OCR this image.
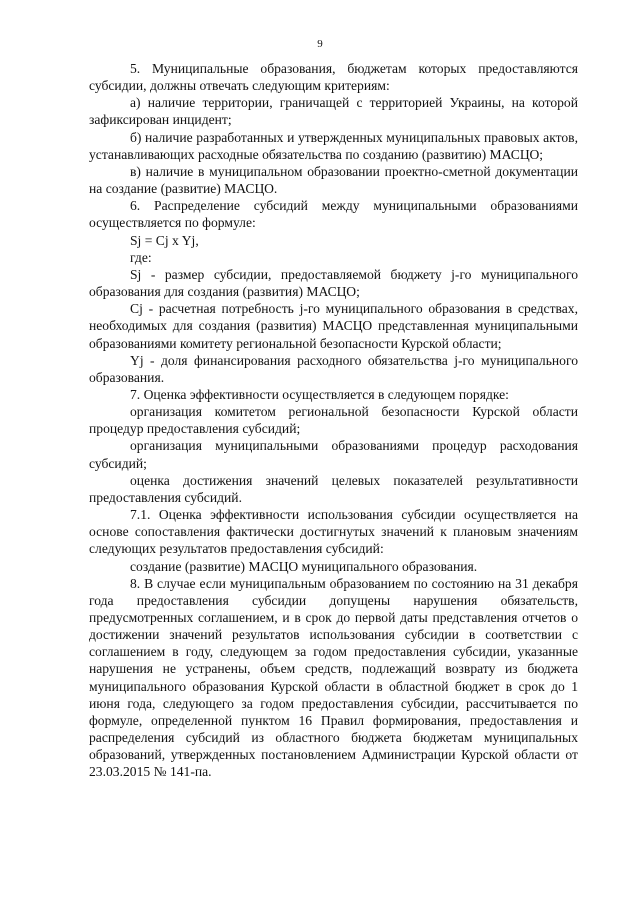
9

5. Муниципальные образования, бюджетам которых предоставляются субсидии, должны отвечать следующим критериям:

а) наличие территории, граничащей с территорией Украины, на которой зафиксирован инцидент;

б) наличие разработанных и утвержденных муниципальных правовых актов, устанавливающих расходные обязательства по созданию (развитию) МАСЦО;

в) наличие в муниципальном образовании проектно-сметной документации на создание (развитие) МАСЦО.

6. Распределение субсидий между муниципальными образованиями осуществляется по формуле:

Sj = Cj x Yj,

где:

Sj - размер субсидии, предоставляемой бюджету j-го муниципального образования для создания (развития) МАСЦО;

Cj - расчетная потребность j-го муниципального образования в средствах, необходимых для создания (развития) МАСЦО представленная муниципальными образованиями комитету региональной безопасности Курской области;

Yj - доля финансирования расходного обязательства j-го муниципального образования.

7. Оценка эффективности осуществляется в следующем порядке:

организация комитетом региональной безопасности Курской области процедур предоставления субсидий;

организация муниципальными образованиями процедур расходования субсидий;

оценка достижения значений целевых показателей результативности предоставления субсидий.

7.1. Оценка эффективности использования субсидии осуществляется на основе сопоставления фактически достигнутых значений к плановым значениям следующих результатов предоставления субсидий:

создание (развитие) МАСЦО муниципального образования.

8. В случае если муниципальным образованием по состоянию на 31 декабря года предоставления субсидии допущены нарушения обязательств, предусмотренных соглашением, и в срок до первой даты представления отчетов о достижении значений результатов использования субсидии в соответствии с соглашением в году, следующем за годом предоставления субсидии, указанные нарушения не устранены, объем средств, подлежащий возврату из бюджета муниципального образования Курской области в областной бюджет в срок до 1 июня года, следующего за годом предоставления субсидии, рассчитывается по формуле, определенной пунктом 16 Правил формирования, предоставления и распределения субсидий из областного бюджета бюджетам муниципальных образований, утвержденных постановлением Администрации Курской области от 23.03.2015 № 141-па.
